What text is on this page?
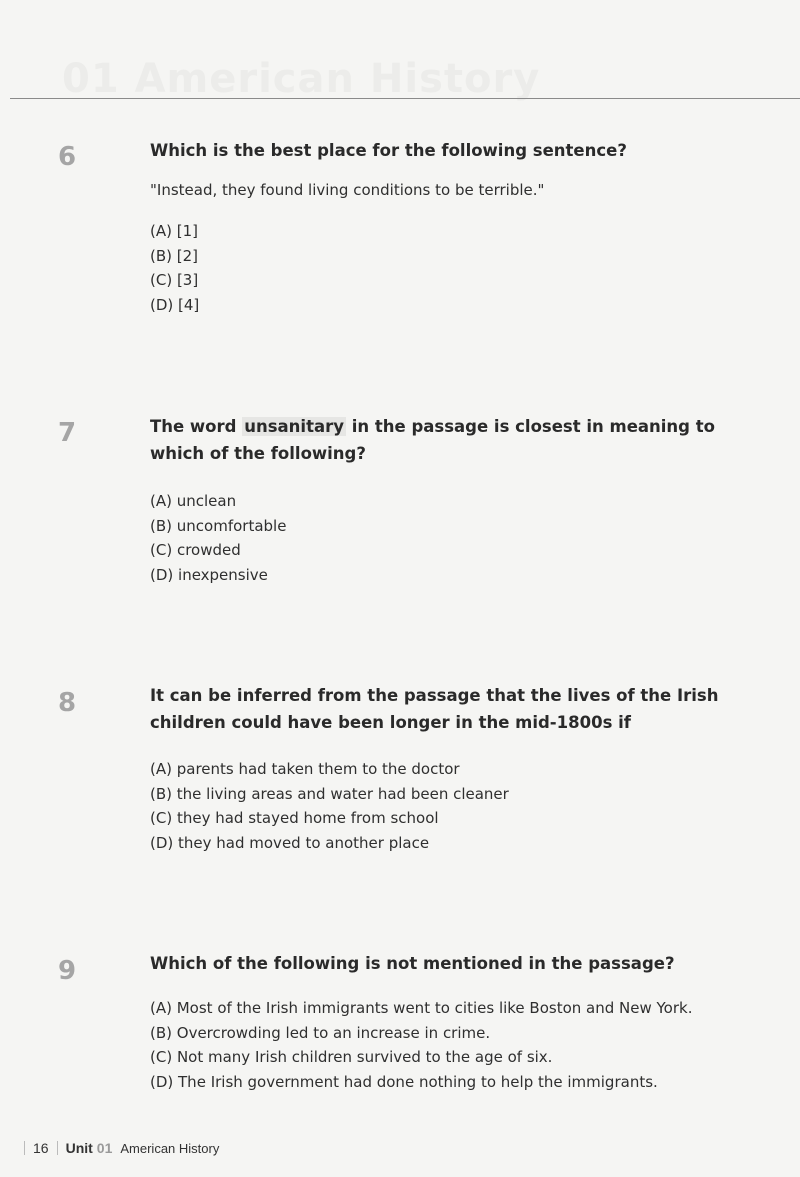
01 American History
6	Which is the best place for the following sentence?
"Instead, they found living conditions to be terrible."
(A) [1]
(B) [2]
(C) [3]
(D) [4]
7	The word unsanitary in the passage is closest in meaning to which of the following?
(A) unclean
(B) uncomfortable
(C) crowded
(D) inexpensive
8	It can be inferred from the passage that the lives of the Irish children could have been longer in the mid-1800s if
(A) parents had taken them to the doctor
(B) the living areas and water had been cleaner
(C) they had stayed home from school
(D) they had moved to another place
9	Which of the following is not mentioned in the passage?
(A) Most of the Irish immigrants went to cities like Boston and New York.
(B) Overcrowding led to an increase in crime.
(C) Not many Irish children survived to the age of six.
(D) The Irish government had done nothing to help the immigrants.
16 Unit 01 American History
